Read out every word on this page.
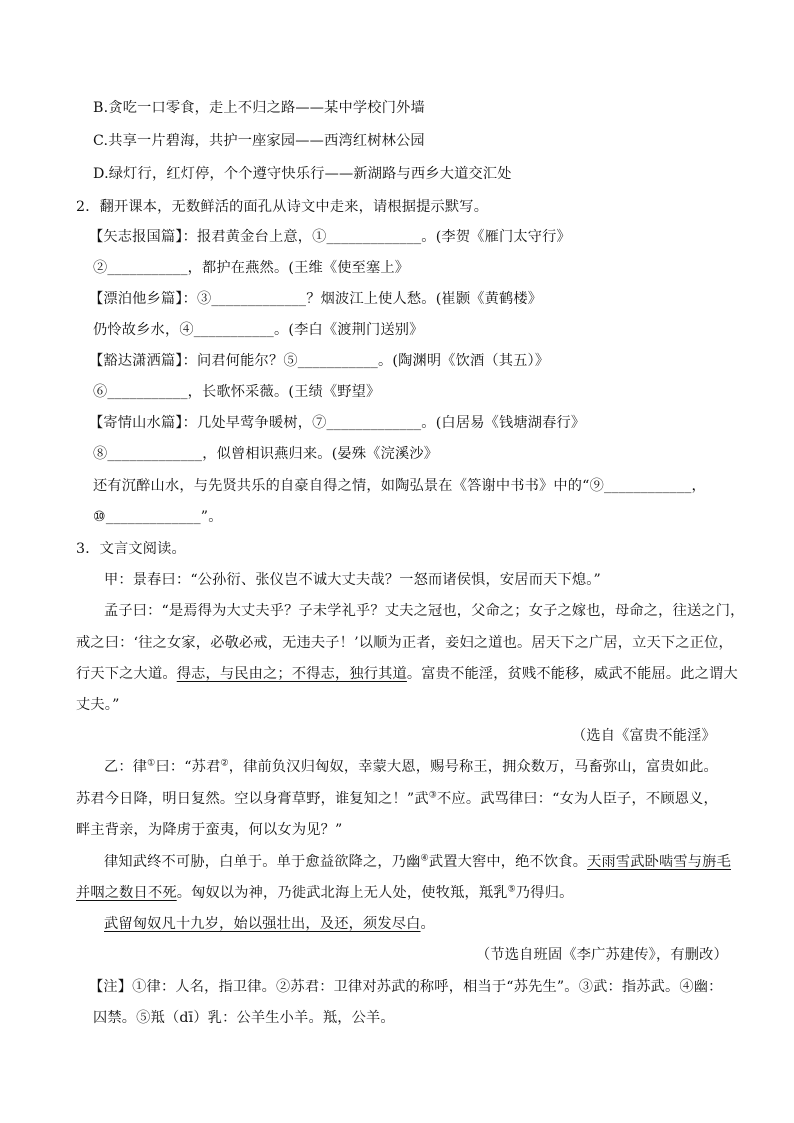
B.贪吃一口零食，走上不归之路——某中学校门外墙
C.共享一片碧海，共护一座家园——西湾红树林公园
D.绿灯行，红灯停，个个遵守快乐行——新湖路与西乡大道交汇处
2．翻开课本，无数鲜活的面孔从诗文中走来，请根据提示默写。
【矢志报国篇】：报君黄金台上意，①_____________。(李贺《雁门太守行》
②___________，都护在燕然。(王维《使至塞上》
【漂泊他乡篇】：③_____________？烟波江上使人愁。(崔颢《黄鹤楼》
仍怜故乡水，④___________。(李白《渡荆门送别》
【豁达潇洒篇】：问君何能尔？⑤___________。(陶渊明《饮酒（其五）》
⑥___________，长歌怀采薇。(王绩《野望》
【寄情山水篇】：几处早莺争暖树，⑦_____________。(白居易《钱塘湖春行》
⑧_____________，似曾相识燕归来。(晏殊《浣溪沙》
还有沉醉山水，与先贤共乐的自豪自得之情，如陶弘景在《答谢中书书》中的“⑨____________，
⑩_____________”。
3．文言文阅读。
甲：景春曰：“公孙衍、张仪岂不诚大丈夫哉？一怒而诸侯惧，安居而天下熄。”
孟子曰：“是焉得为大丈夫乎？子未学礼乎？丈夫之冠也，父命之；女子之嫁也，母命之，往送之门，
戒之曰：‘往之女家，必敬必戒，无违夫子！’以顺为正者，妾妇之道也。居天下之广居，立天下之正位，
行天下之大道。得志，与民由之；不得志，独行其道。富贵不能淫，贫贱不能移，威武不能屈。此之谓大
丈夫。”
（选自《富贵不能淫》
乙：律①曰：“苏君②，律前负汉归匈奴，幸蒙大恩，赐号称王，拥众数万，马畜弥山，富贵如此。
苏君今日降，明日复然。空以身膏草野，谁复知之！”武③不应。武骂律曰：“女为人臣子，不顾恩义，
畔主背亲，为降虏于蛮夷，何以女为见？”
律知武终不可胁，白单于。单于愈益欲降之，乃幽④武置大窖中，绝不饮食。天雨雪武卧啮雪与旃毛
并咽之数日不死。匈奴以为神，乃徙武北海上无人处，使牧羝，羝乳⑤乃得归。
武留匈奴凡十九岁，始以强壮出，及还，须发尽白。
（节选自班固《李广苏建传》，有删改）
【注】①律：人名，指卫律。②苏君：卫律对苏武的称呼，相当于“苏先生”。③武：指苏武。④幽：
囚禁。⑤羝（dī）乳：公羊生小羊。羝，公羊。
